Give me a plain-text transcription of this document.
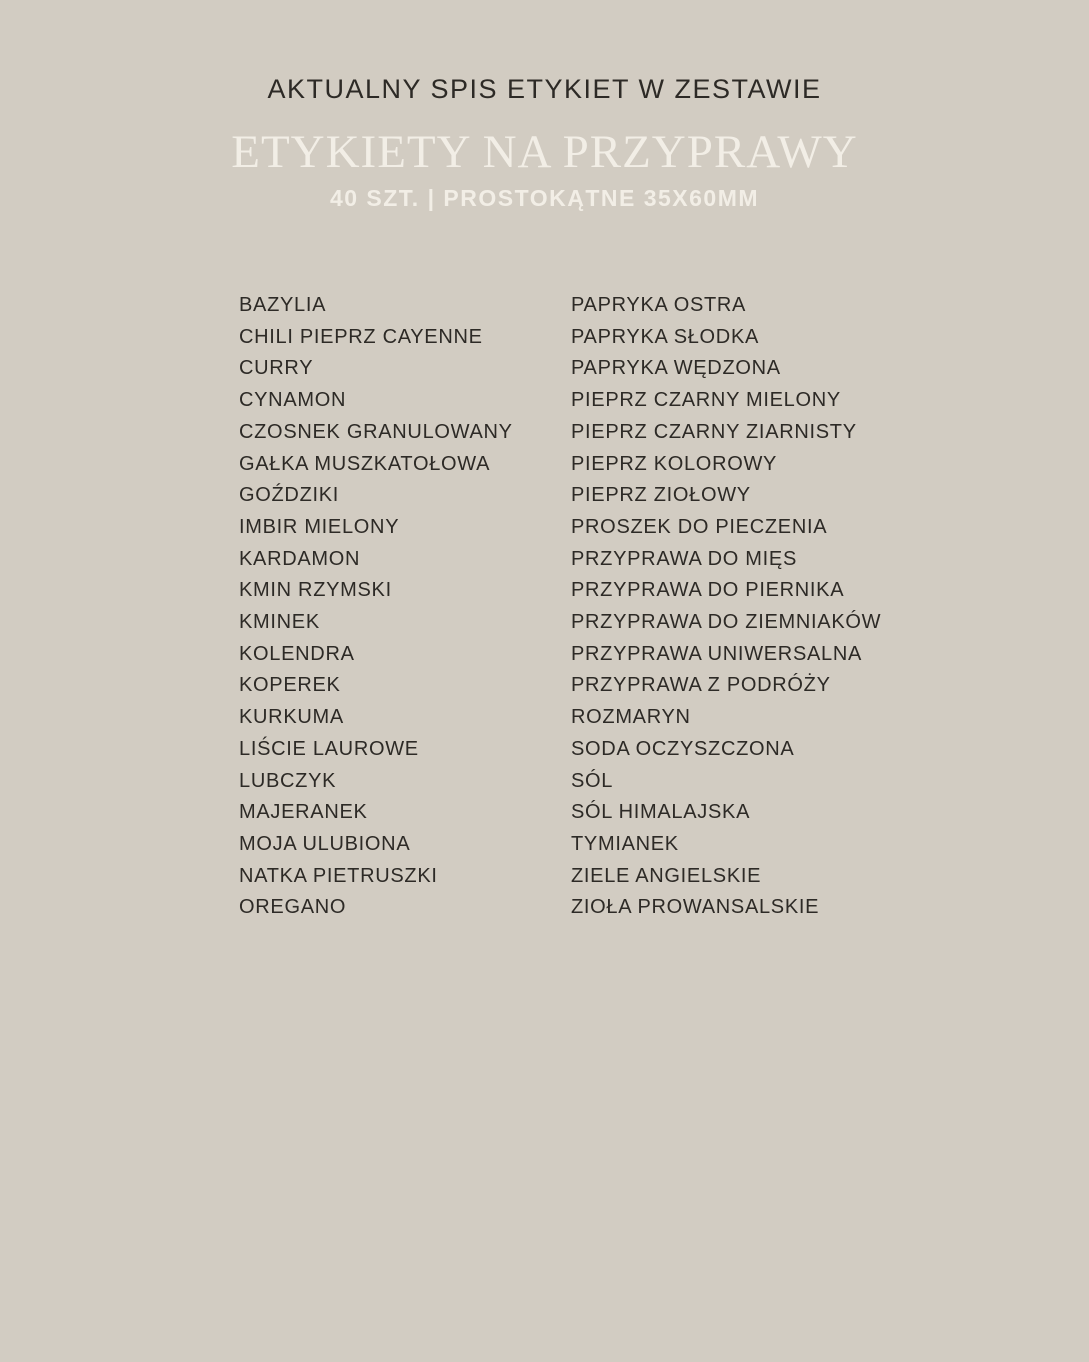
AKTUALNY SPIS ETYKIET W ZESTAWIE
ETYKIETY NA PRZYPRAWY
40 SZT. | PROSTOKĄTNE 35X60MM
BAZYLIA
CHILI PIEPRZ CAYENNE
CURRY
CYNAMON
CZOSNEK GRANULOWANY
GAŁKA MUSZKATOŁOWA
GOŹDZIKI
IMBIR MIELONY
KARDAMON
KMIN RZYMSKI
KMINEK
KOLENDRA
KOPEREK
KURKUMA
LIŚCIE LAUROWE
LUBCZYK
MAJERANEK
MOJA ULUBIONA
NATKA PIETRUSZKI
OREGANO
PAPRYKA OSTRA
PAPRYKA SŁODKA
PAPRYKA WĘDZONA
PIEPRZ CZARNY MIELONY
PIEPRZ CZARNY ZIARNISTY
PIEPRZ KOLOROWY
PIEPRZ ZIOŁOWY
PROSZEK DO PIECZENIA
PRZYPRAWA DO MIĘS
PRZYPRAWA DO PIERNIKA
PRZYPRAWA DO ZIEMNIAKÓW
PRZYPRAWA UNIWERSALNA
PRZYPRAWA Z PODRÓŻY
ROZMARYN
SODA OCZYSZCZONA
SÓL
SÓL HIMALAJSKA
TYMIANEK
ZIELE ANGIELSKIE
ZIOŁA PROWANSALSKIE
